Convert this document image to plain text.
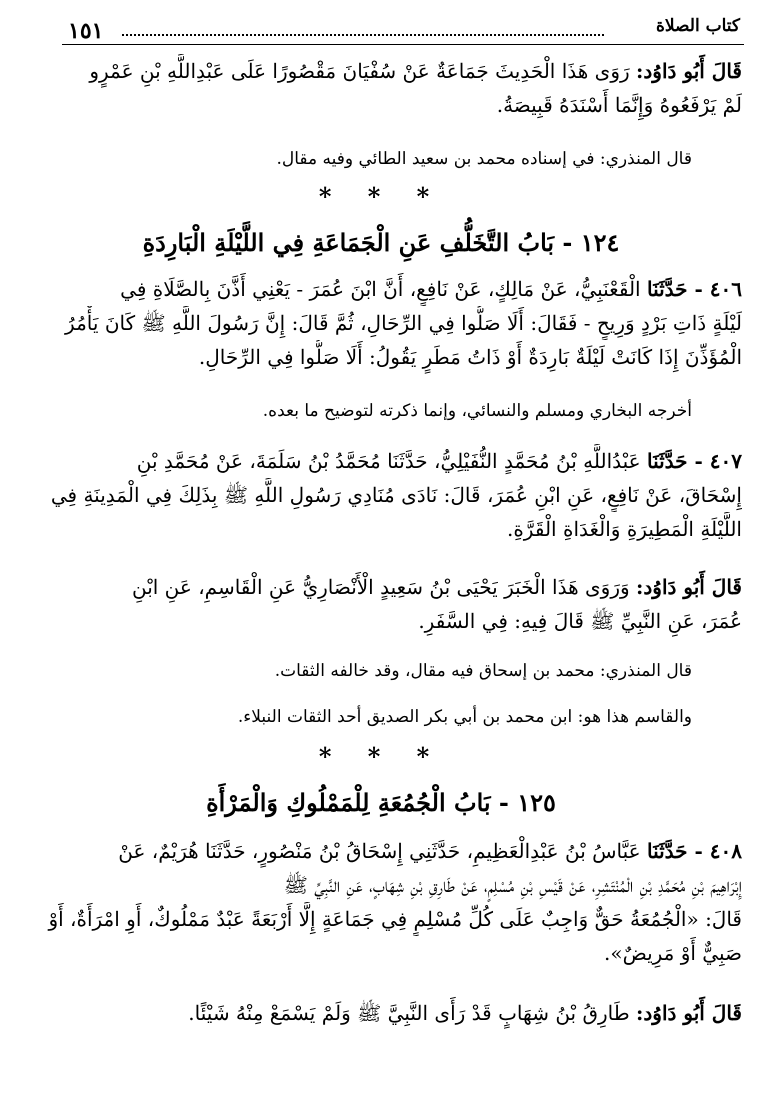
كتاب الصلاة
١٥١
قَالَ أَبُو دَاوُد: رَوَى هَذَا الْحَدِيثَ جَمَاعَةٌ عَنْ سُفْيَانَ مَقْصُورًا عَلَى عَبْدِاللَّهِ بْنِ عَمْرٍو
لَمْ يَرْفَعُوهُ وَإِنَّمَا أَسْنَدَهُ قَبِيصَةُ.
قال المنذري: في إسناده محمد بن سعيد الطائي وفيه مقال.
* * *
١٢٤ - بَابُ التَّخَلُّفِ عَنِ الْجَمَاعَةِ فِي اللَّيْلَةِ الْبَارِدَةِ
٤٠٦ - حَدَّثَنَا الْقَعْنَبِيُّ، عَنْ مَالِكٍ، عَنْ نَافِعٍ، أَنَّ ابْنَ عُمَرَ - يَعْنِي أَذَّنَ بِالصَّلَاةِ فِي
لَيْلَةٍ ذَاتِ بَرْدٍ وَرِيحٍ - فَقَالَ: أَلَا صَلُّوا فِي الرِّحَالِ، ثُمَّ قَالَ: إِنَّ رَسُولَ اللَّهِ ﷺ كَانَ يَأْمُرُ
الْمُؤَذِّنَ إِذَا كَانَتْ لَيْلَةٌ بَارِدَةٌ أَوْ ذَاتُ مَطَرٍ يَقُولُ: أَلَا صَلُّوا فِي الرِّحَالِ.
أخرجه البخاري ومسلم والنسائي، وإنما ذكرته لتوضيح ما بعده.
٤٠٧ - حَدَّثَنَا عَبْدُاللَّهِ بْنُ مُحَمَّدٍ النُّفَيْلِيُّ، حَدَّثَنَا مُحَمَّدُ بْنُ سَلَمَةَ، عَنْ مُحَمَّدِ بْنِ
إِسْحَاقَ، عَنْ نَافِعٍ، عَنِ ابْنِ عُمَرَ، قَالَ: نَادَى مُنَادِي رَسُولِ اللَّهِ ﷺ بِذَلِكَ فِي الْمَدِينَةِ فِي
اللَّيْلَةِ الْمَطِيرَةِ وَالْغَدَاةِ الْقَرَّةِ.
قَالَ أَبُو دَاوُد: وَرَوَى هَذَا الْخَبَرَ يَحْيَى بْنُ سَعِيدٍ الْأَنْصَارِيُّ عَنِ الْقَاسِمِ، عَنِ ابْنِ
عُمَرَ، عَنِ النَّبِيِّ ﷺ قَالَ فِيهِ: فِي السَّفَرِ.
قال المنذري: محمد بن إسحاق فيه مقال، وقد خالفه الثقات.
والقاسم هذا هو: ابن محمد بن أبي بكر الصديق أحد الثقات النبلاء.
* * *
١٢٥ - بَابُ الْجُمُعَةِ لِلْمَمْلُوكِ وَالْمَرْأَةِ
٤٠٨ - حَدَّثَنَا عَبَّاسُ بْنُ عَبْدِالْعَظِيمِ، حَدَّثَنِي إِسْحَاقُ بْنُ مَنْصُورٍ، حَدَّثَنَا هُرَيْمٌ، عَنْ
إِبْرَاهِيمَ بْنِ مُحَمَّدِ بْنِ الْمُنْتَشِرِ، عَنْ قَيْسِ بْنِ مُسْلِمٍ، عَنْ طَارِقِ بْنِ شِهَابٍ، عَنِ النَّبِيِّ ﷺ
قَالَ: «الْجُمُعَةُ حَقٌّ وَاجِبٌ عَلَى كُلِّ مُسْلِمٍ فِي جَمَاعَةٍ إِلَّا أَرْبَعَةً عَبْدٌ مَمْلُوكٌ، أَوِ امْرَأَةٌ، أَوْ
صَبِيٌّ أَوْ مَرِيضٌ».
قَالَ أَبُو دَاوُد: طَارِقُ بْنُ شِهَابٍ قَدْ رَأَى النَّبِيَّ ﷺ وَلَمْ يَسْمَعْ مِنْهُ شَيْئًا.
